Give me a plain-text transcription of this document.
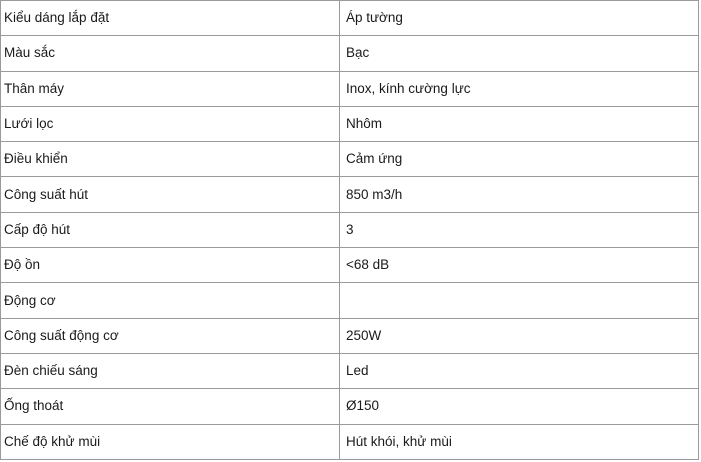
Kiểu dáng lắp đặt	Áp tường
Màu sắc	Bạc
Thân máy	Inox, kính cường lực
Lưới lọc	Nhôm
Điều khiển	Cảm ứng
Công suất hút	850 m3/h
Cấp độ hút	3
Độ ồn	<68 dB
Động cơ	
Công suất động cơ	250W
Đèn chiếu sáng	Led
Ống thoát	Ø150
Chế độ khử mùi	Hút khói, khử mùi
